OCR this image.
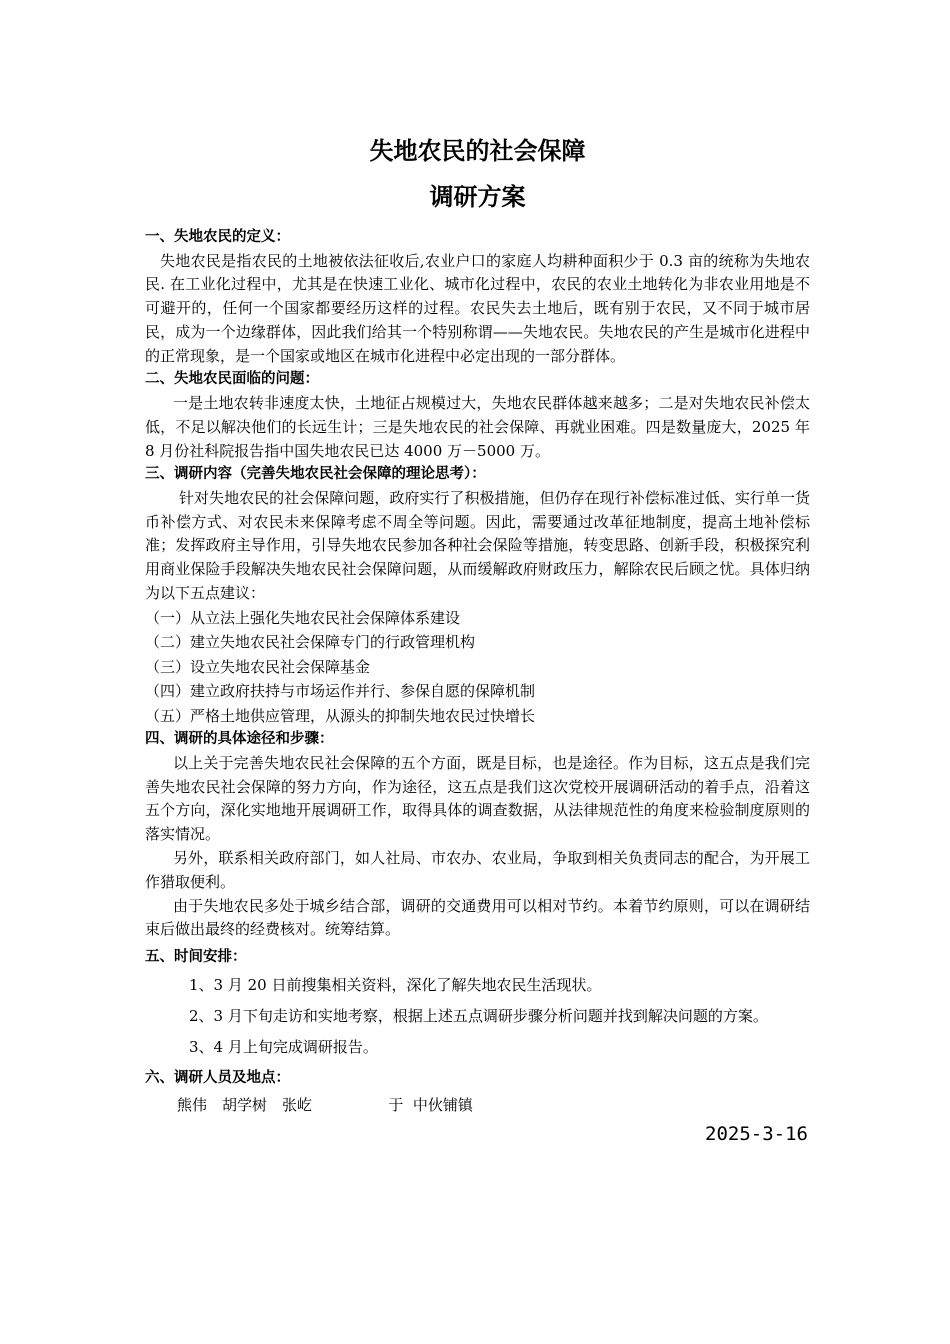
失地农民的社会保障
调研方案

一、失地农民的定义：

失地农民是指农民的土地被依法征收后,农业户口的家庭人均耕种面积少于 0.3 亩的统称为失地农民. 在工业化过程中，尤其是在快速工业化、城市化过程中，农民的农业土地转化为非农业用地是不可避开的，任何一个国家都要经历这样的过程。农民失去土地后，既有别于农民，又不同于城市居民，成为一个边缘群体，因此我们给其一个特别称谓——失地农民。失地农民的产生是城市化进程中的正常现象，是一个国家或地区在城市化进程中必定出现的一部分群体。

二、失地农民面临的问题：

一是土地农转非速度太快，土地征占规模过大，失地农民群体越来越多；二是对失地农民补偿太低，不足以解决他们的长远生计；三是失地农民的社会保障、再就业困难。四是数量庞大，2025 年 8 月份社科院报告指中国失地农民已达 4000 万－5000 万。

三、调研内容（完善失地农民社会保障的理论思考）：

针对失地农民的社会保障问题，政府实行了积极措施，但仍存在现行补偿标准过低、实行单一货币补偿方式、对农民未来保障考虑不周全等问题。因此，需要通过改革征地制度，提高土地补偿标准；发挥政府主导作用，引导失地农民参加各种社会保险等措施，转变思路、创新手段，积极探究利用商业保险手段解决失地农民社会保障问题，从而缓解政府财政压力，解除农民后顾之忧。具体归纳为以下五点建议：

（一）从立法上强化失地农民社会保障体系建设

（二）建立失地农民社会保障专门的行政管理机构

（三）设立失地农民社会保障基金

（四）建立政府扶持与市场运作并行、参保自愿的保障机制

（五）严格土地供应管理，从源头的抑制失地农民过快增长

四、调研的具体途径和步骤：

以上关于完善失地农民社会保障的五个方面，既是目标，也是途径。作为目标，这五点是我们完善失地农民社会保障的努力方向，作为途径，这五点是我们这次党校开展调研活动的着手点，沿着这五个方向，深化实地地开展调研工作，取得具体的调查数据，从法律规范性的角度来检验制度原则的落实情况。

另外，联系相关政府部门，如人社局、市农办、农业局，争取到相关负责同志的配合，为开展工作猎取便利。

由于失地农民多处于城乡结合部，调研的交通费用可以相对节约。本着节约原则，可以在调研结束后做出最终的经费核对。统筹结算。

五、时间安排：

1、3 月 20 日前搜集相关资料，深化了解失地农民生活现状。

2、3 月下旬走访和实地考察，根据上述五点调研步骤分析问题并找到解决问题的方案。

3、4 月上旬完成调研报告。

六、调研人员及地点：

熊伟　胡学树　张屹	于  中伙铺镇

2025-3-16
